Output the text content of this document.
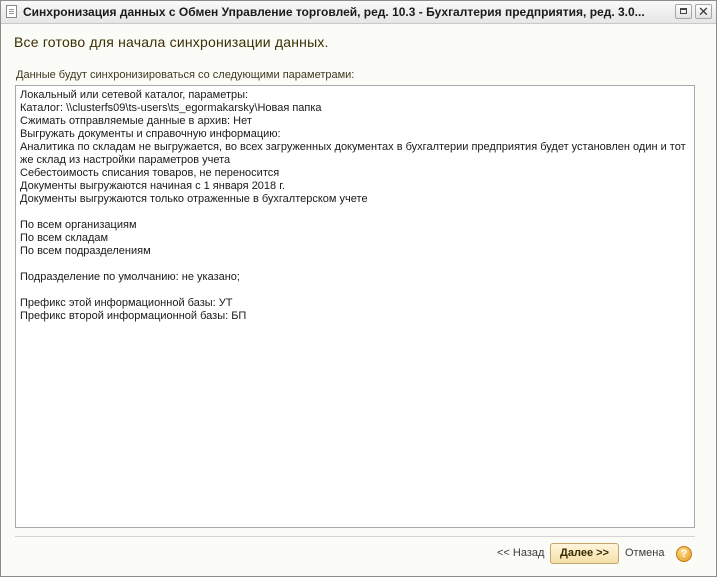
Синхронизация данных с Обмен Управление торговлей, ред. 10.3 - Бухгалтерия предприятия, ред. 3.0...	✕
Все готово для начала синхронизации данных.
Данные будут синхронизироваться со следующими параметрами:
Локальный или сетевой каталог, параметры:
Каталог: \\clusterfs09\ts-users\ts_egormakarsky\Новая папка
Сжимать отправляемые данные в архив: Нет
Выгружать документы и справочную информацию:
Аналитика по складам не выгружается, во всех загруженных документах в бухгалтерии предприятия будет установлен один и тот же склад из настройки параметров учета
Себестоимость списания товаров, не переносится
Документы выгружаются начиная с 1 января 2018 г.
Документы выгружаются только отраженные в бухгалтерском учете

По всем организациям
По всем складам
По всем подразделениям

Подразделение по умолчанию: не указано;

Префикс этой информационной базы: УТ
Префикс второй информационной базы: БП
<< Назад	Далее >>	Отмена	?
